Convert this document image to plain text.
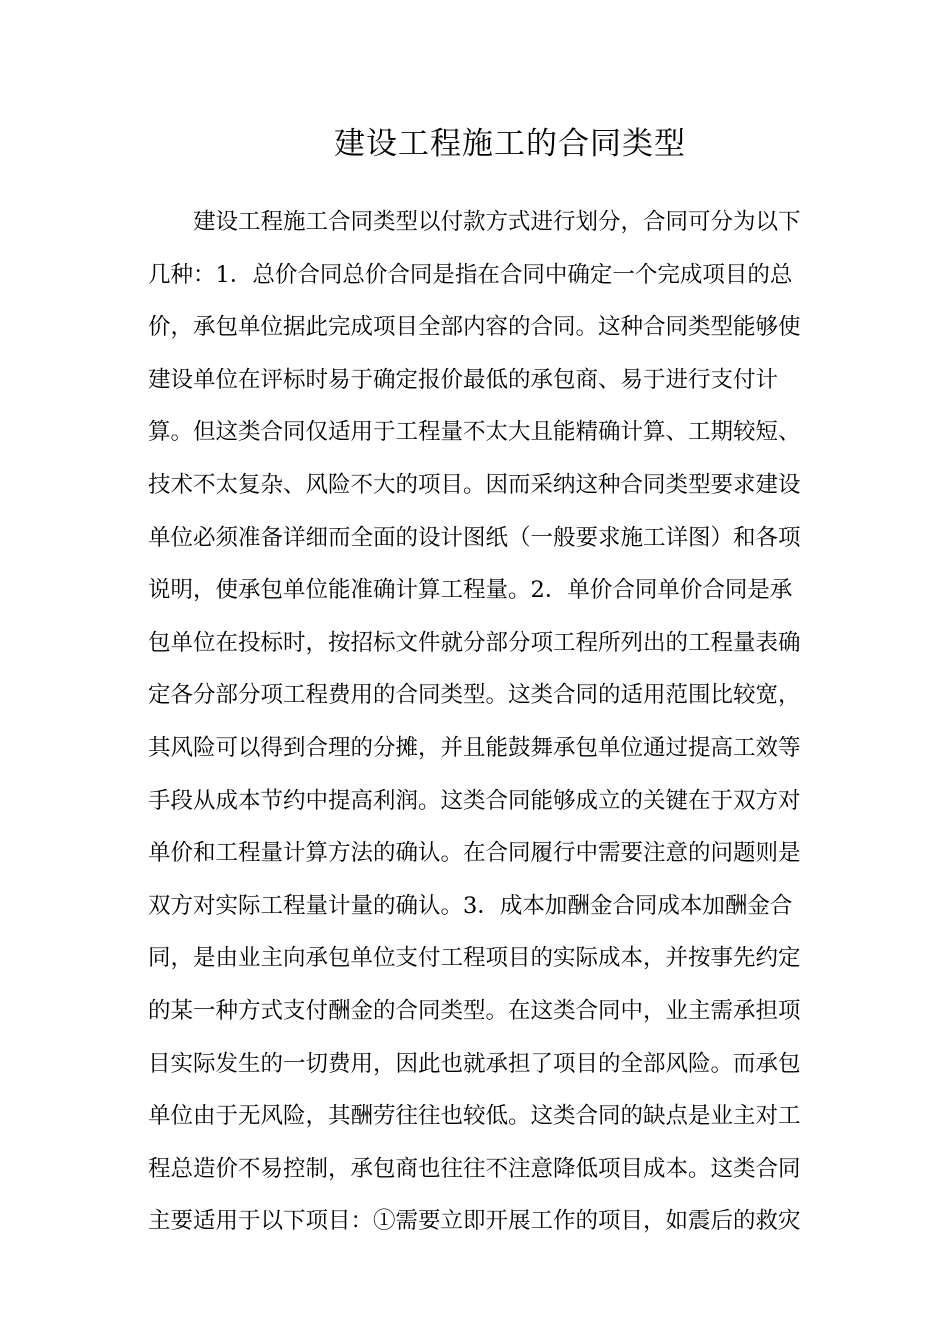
建设工程施工的合同类型
建设工程施工合同类型以付款方式进行划分，合同可分为以下
几种：1．总价合同总价合同是指在合同中确定一个完成项目的总
价，承包单位据此完成项目全部内容的合同。这种合同类型能够使
建设单位在评标时易于确定报价最低的承包商、易于进行支付计
算。但这类合同仅适用于工程量不太大且能精确计算、工期较短、
技术不太复杂、风险不大的项目。因而采纳这种合同类型要求建设
单位必须准备详细而全面的设计图纸（一般要求施工详图）和各项
说明，使承包单位能准确计算工程量。2．单价合同单价合同是承
包单位在投标时，按招标文件就分部分项工程所列出的工程量表确
定各分部分项工程费用的合同类型。这类合同的适用范围比较宽，
其风险可以得到合理的分摊，并且能鼓舞承包单位通过提高工效等
手段从成本节约中提高利润。这类合同能够成立的关键在于双方对
单价和工程量计算方法的确认。在合同履行中需要注意的问题则是
双方对实际工程量计量的确认。3．成本加酬金合同成本加酬金合
同，是由业主向承包单位支付工程项目的实际成本，并按事先约定
的某一种方式支付酬金的合同类型。在这类合同中，业主需承担项
目实际发生的一切费用，因此也就承担了项目的全部风险。而承包
单位由于无风险，其酬劳往往也较低。这类合同的缺点是业主对工
程总造价不易控制，承包商也往往不注意降低项目成本。这类合同
主要适用于以下项目：①需要立即开展工作的项目，如震后的救灾
